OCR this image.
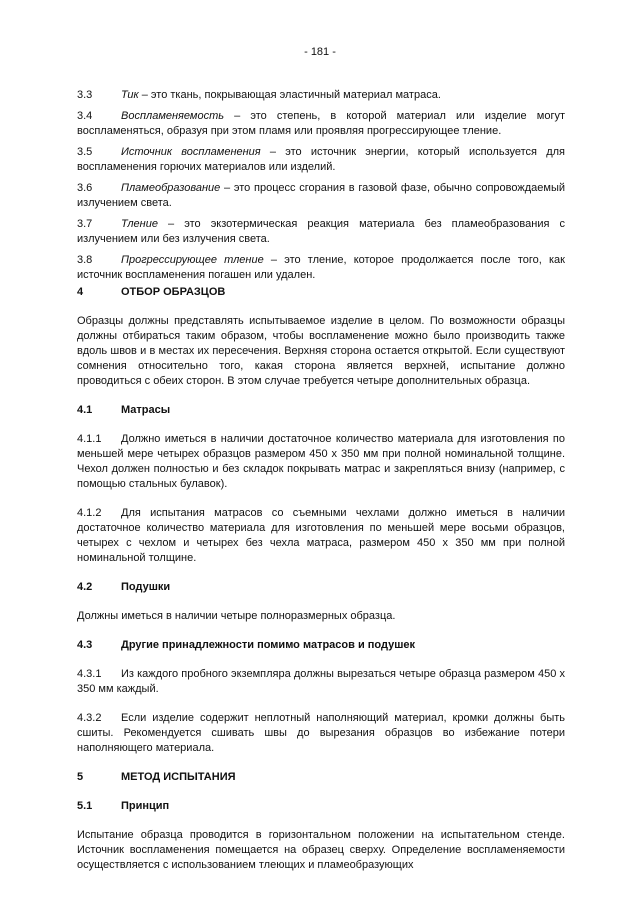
- 181 -
3.3	Тик – это ткань, покрывающая эластичный материал матраса.
3.4	Воспламеняемость – это степень, в которой материал или изделие могут воспламеняться, образуя при этом пламя или проявляя прогрессирующее тление.
3.5	Источник воспламенения – это источник энергии, который используется для воспламенения горючих материалов или изделий.
3.6	Пламеобразование – это процесс сгорания в газовой фазе, обычно сопровождаемый излучением света.
3.7	Тление – это экзотермическая реакция материала без пламеобразования с излучением или без излучения света.
3.8	Прогрессирующее тление – это тление, которое продолжается после того, как источник воспламенения погашен или удален.
4	ОТБОР ОБРАЗЦОВ

Образцы должны представлять испытываемое изделие в целом. По возможности образцы должны отбираться таким образом, чтобы воспламенение можно было производить также вдоль швов и в местах их пересечения. Верхняя сторона остается открытой. Если существуют сомнения относительно того, какая сторона является верхней, испытание должно проводиться с обеих сторон. В этом случае требуется четыре дополнительных образца.

4.1	Матрасы

4.1.1 Должно иметься в наличии достаточное количество материала для изготовления по меньшей мере четырех образцов размером 450 х 350 мм при полной номинальной толщине. Чехол должен полностью и без складок покрывать матрас и закрепляться внизу (например, с помощью стальных булавок).

4.1.2 Для испытания матрасов со съемными чехлами должно иметься в наличии достаточное количество материала для изготовления по меньшей мере восьми образцов, четырех с чехлом и четырех без чехла матраса, размером 450 х 350 мм при полной номинальной толщине.

4.2	Подушки

Должны иметься в наличии четыре полноразмерных образца.

4.3	Другие принадлежности помимо матрасов и подушек

4.3.1 Из каждого пробного экземпляра должны вырезаться четыре образца размером 450 х 350 мм каждый.

4.3.2 Если изделие содержит неплотный наполняющий материал, кромки должны быть сшиты. Рекомендуется сшивать швы до вырезания образцов во избежание потери наполняющего материала.

5	МЕТОД ИСПЫТАНИЯ
5.1	Принцип

Испытание образца проводится в горизонтальном положении на испытательном стенде. Источник воспламенения помещается на образец сверху. Определение воспламеняемости осуществляется с использованием тлеющих и пламеобразующих
